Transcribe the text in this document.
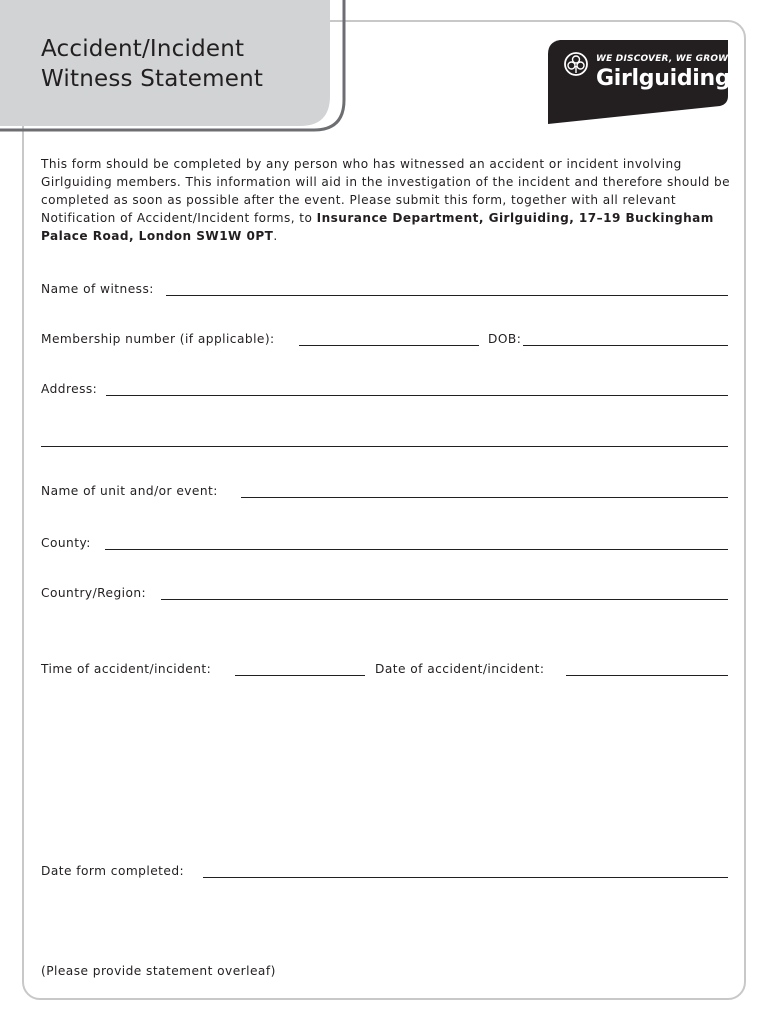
Accident/Incident
Witness Statement
WE DISCOVER, WE GROW
Girlguiding

This form should be completed by any person who has witnessed an accident or incident involving Girlguiding members. This information will aid in the investigation of the incident and therefore should be completed as soon as possible after the event. Please submit this form, together with all relevant Notification of Accident/Incident forms, to Insurance Department, Girlguiding, 17–19 Buckingham Palace Road, London SW1W 0PT.

Name of witness:
Membership number (if applicable):	DOB:
Address:
Name of unit and/or event:
County:
Country/Region:
Time of accident/incident:	Date of accident/incident:
Date form completed:
(Please provide statement overleaf)
